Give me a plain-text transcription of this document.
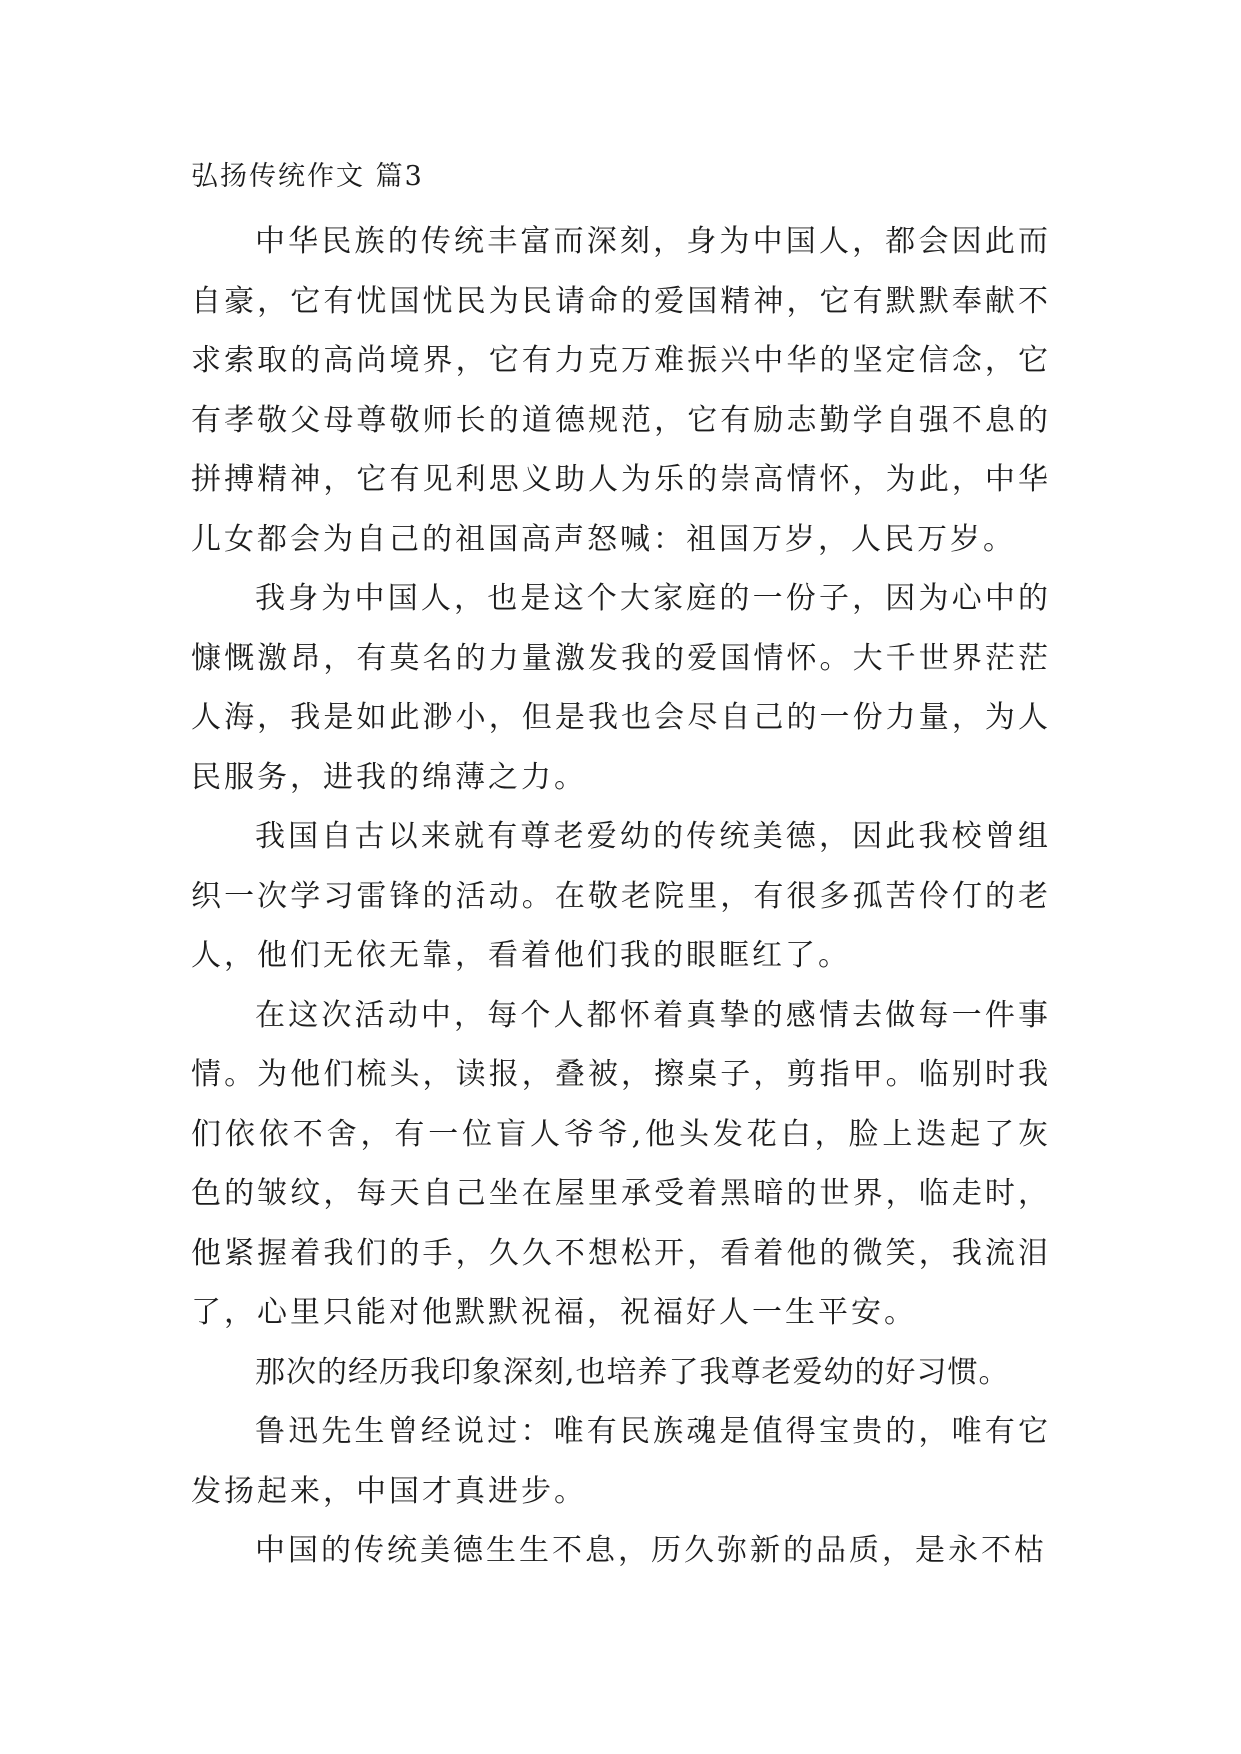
弘扬传统作文 篇3

中华民族的传统丰富而深刻，身为中国人，都会因此而自豪，它有忧国忧民为民请命的爱国精神，它有默默奉献不求索取的高尚境界，它有力克万难振兴中华的坚定信念，它有孝敬父母尊敬师长的道德规范，它有励志勤学自强不息的拼搏精神，它有见利思义助人为乐的崇高情怀，为此，中华儿女都会为自己的祖国高声怒喊：祖国万岁，人民万岁。

我身为中国人，也是这个大家庭的一份子，因为心中的慷慨激昂，有莫名的力量激发我的爱国情怀。大千世界茫茫人海，我是如此渺小，但是我也会尽自己的一份力量，为人民服务，进我的绵薄之力。

我国自古以来就有尊老爱幼的传统美德，因此我校曾组织一次学习雷锋的活动。在敬老院里，有很多孤苦伶仃的老人，他们无依无靠，看着他们我的眼眶红了。

在这次活动中，每个人都怀着真挚的感情去做每一件事情。为他们梳头，读报，叠被，擦桌子，剪指甲。临别时我们依依不舍，有一位盲人爷爷,他头发花白，脸上迭起了灰色的皱纹，每天自己坐在屋里承受着黑暗的世界，临走时，他紧握着我们的手，久久不想松开，看着他的微笑，我流泪了，心里只能对他默默祝福，祝福好人一生平安。

那次的经历我印象深刻,也培养了我尊老爱幼的好习惯。

鲁迅先生曾经说过：唯有民族魂是值得宝贵的，唯有它发扬起来，中国才真进步。

中国的传统美德生生不息，历久弥新的品质，是永不枯
